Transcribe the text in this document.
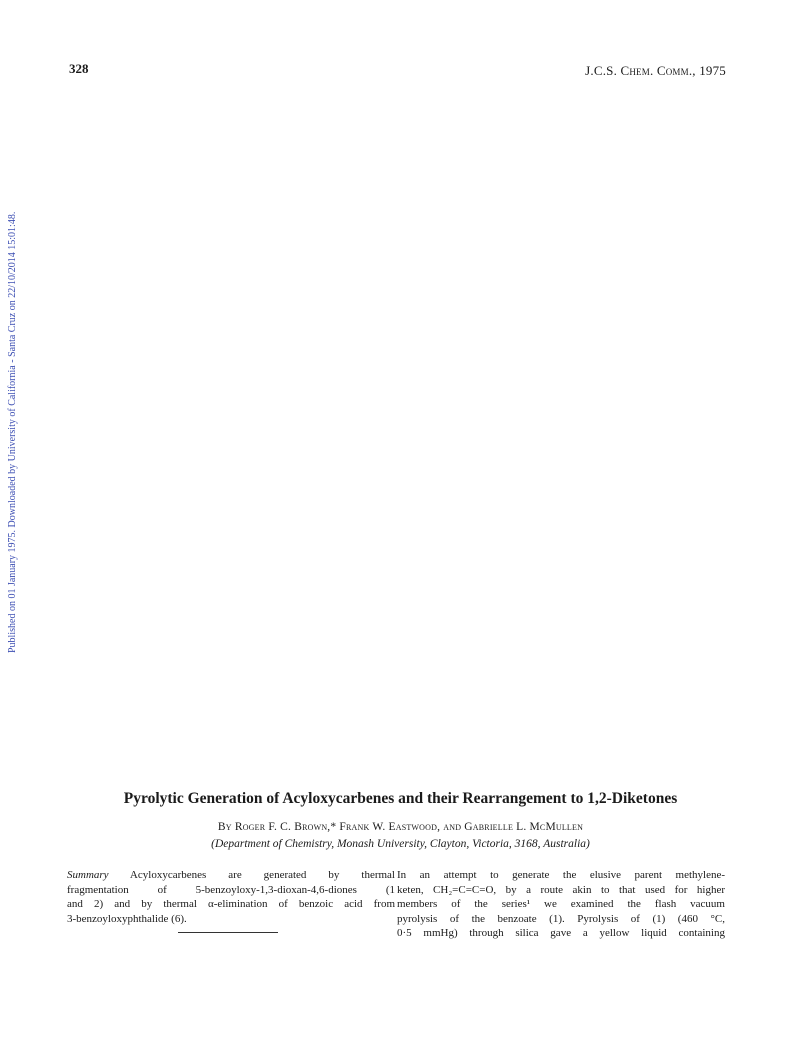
328	J.C.S. Chem. Comm., 1975
Published on 01 January 1975. Downloaded by University of California - Santa Cruz on 22/10/2014 15:01:48.
Pyrolytic Generation of Acyloxycarbenes and their Rearrangement to 1,2-Diketones
By Roger F. C. Brown,* Frank W. Eastwood, and Gabrielle L. McMullen
(Department of Chemistry, Monash University, Clayton, Victoria, 3168, Australia)
Summary Acyloxycarbenes are generated by thermal
fragmentation of 5-benzoyloxy-1,3-dioxan-4,6-diones (1
and 2) and by thermal α-elimination of benzoic acid from
3-benzoyloxyphthalide (6).
In an attempt to generate the elusive parent methylene-
keten, CH₂=C=C=O, by a route akin to that used for higher
members of the series¹ we examined the flash vacuum
pyrolysis of the benzoate (1). Pyrolysis of (1) (460 °C,
0·5 mmHg) through silica gave a yellow liquid containing
